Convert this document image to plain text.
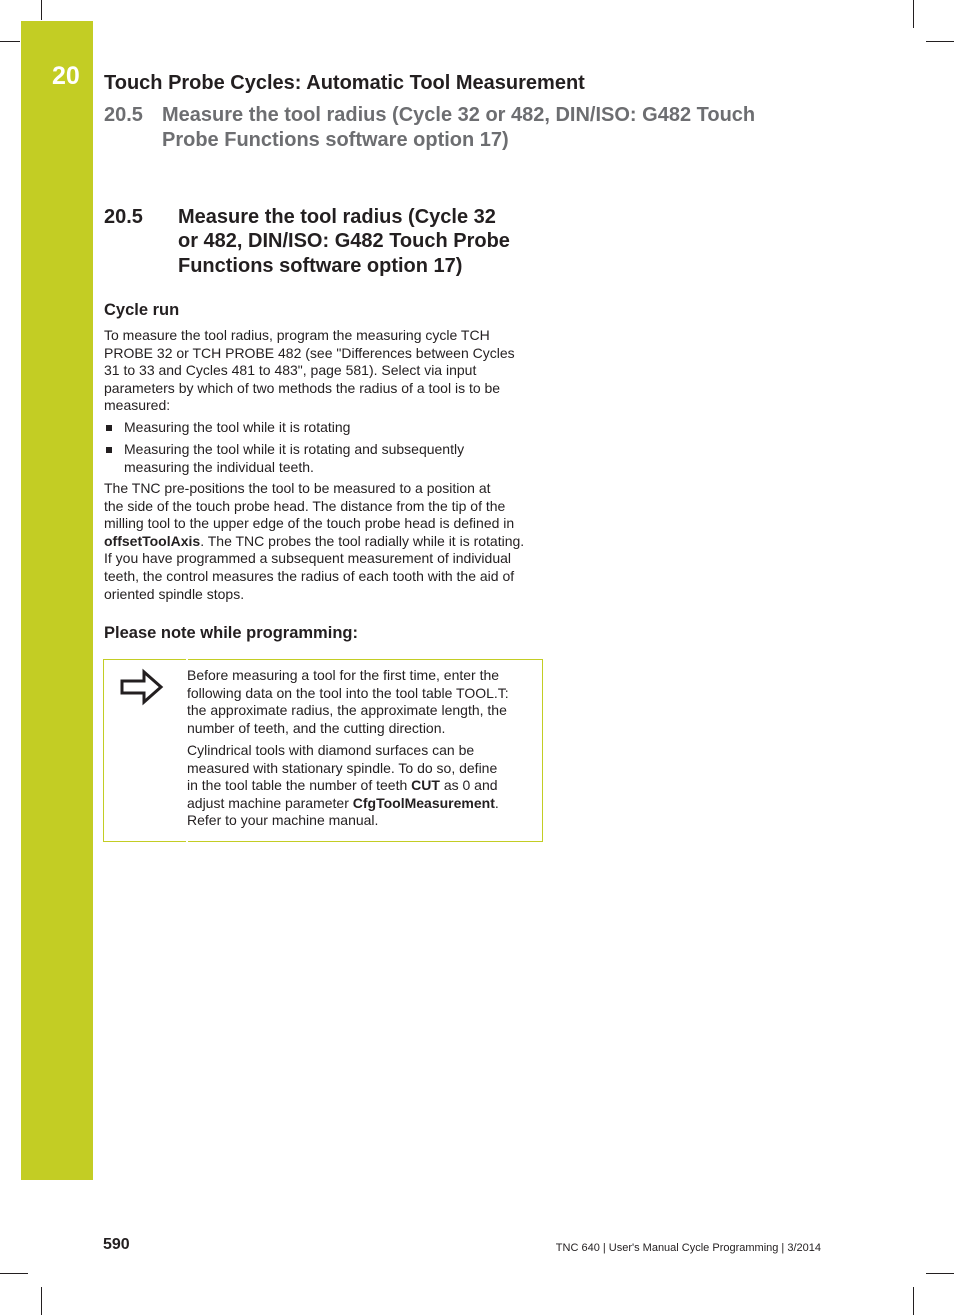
20 Touch Probe Cycles: Automatic Tool Measurement
20.5 Measure the tool radius (Cycle 32 or 482, DIN/ISO: G482 Touch
Probe Functions software option 17)
20.5 Measure the tool radius (Cycle 32
or 482, DIN/ISO: G482 Touch Probe
Functions software option 17)
Cycle run
To measure the tool radius, program the measuring cycle TCH
PROBE 32 or TCH PROBE 482 (see "Differences between Cycles
31 to 33 and Cycles 481 to 483", page 581). Select via input
parameters by which of two methods the radius of a tool is to be
measured:
Measuring the tool while it is rotating
Measuring the tool while it is rotating and subsequently
measuring the individual teeth.
The TNC pre-positions the tool to be measured to a position at
the side of the touch probe head. The distance from the tip of the
milling tool to the upper edge of the touch probe head is defined in
offsetToolAxis. The TNC probes the tool radially while it is rotating.
If you have programmed a subsequent measurement of individual
teeth, the control measures the radius of each tooth with the aid of
oriented spindle stops.
Please note while programming:
Before measuring a tool for the first time, enter the
following data on the tool into the tool table TOOL.T:
the approximate radius, the approximate length, the
number of teeth, and the cutting direction.
Cylindrical tools with diamond surfaces can be
measured with stationary spindle. To do so, define
in the tool table the number of teeth CUT as 0 and
adjust machine parameter CfgToolMeasurement.
Refer to your machine manual.
590	TNC 640 | User's Manual Cycle Programming | 3/2014
